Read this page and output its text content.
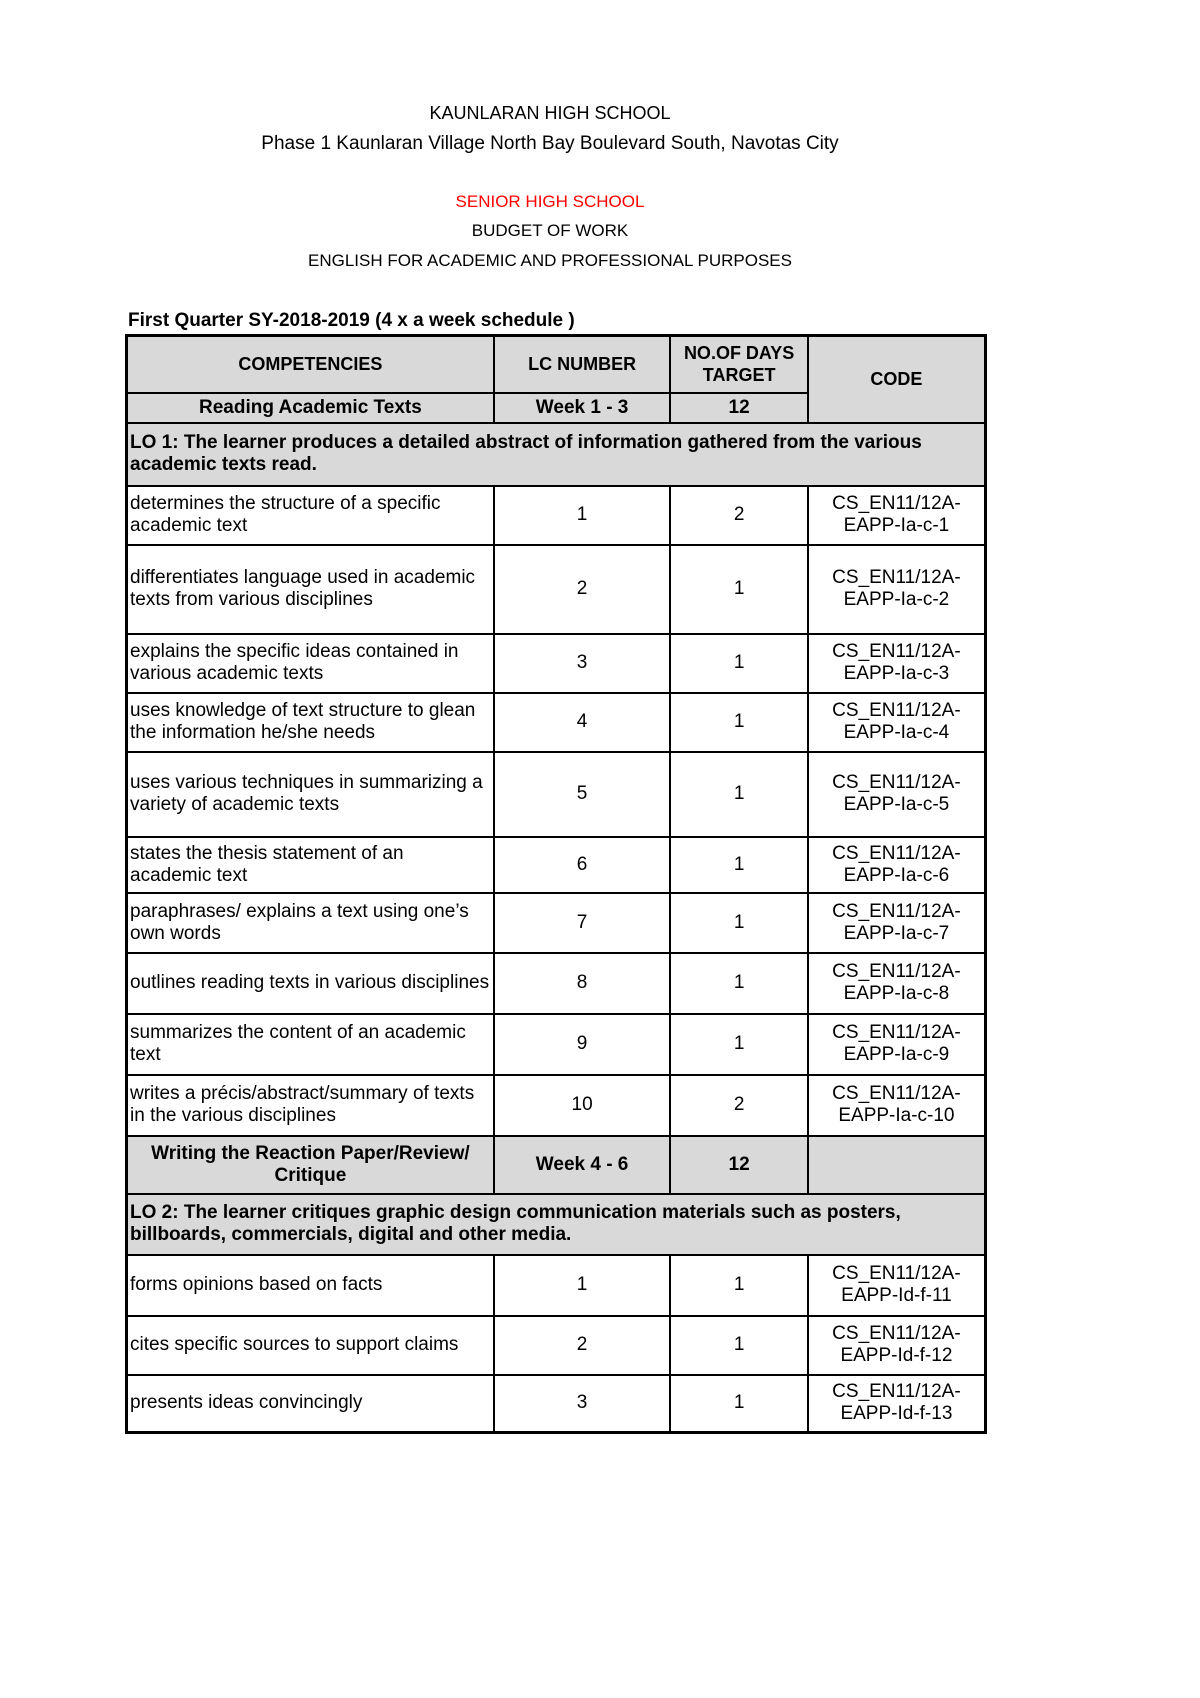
KAUNLARAN HIGH SCHOOL

Phase 1 Kaunlaran Village North Bay Boulevard South, Navotas City

SENIOR HIGH SCHOOL

BUDGET OF WORK

ENGLISH FOR ACADEMIC AND PROFESSIONAL PURPOSES

First Quarter SY-2018-2019 (4 x a week schedule )

COMPETENCIES	LC NUMBER	NO.OF DAYS TARGET	CODE
Reading Academic Texts	Week 1 - 3	12	
LO 1: The learner produces a detailed abstract of information gathered from the various academic texts read.			
determines the structure of a specific academic text	1	2	CS_EN11/12A-EAPP-Ia-c-1
differentiates language used in academic texts from various disciplines	2	1	CS_EN11/12A-EAPP-Ia-c-2
explains the specific ideas contained in various academic texts	3	1	CS_EN11/12A-EAPP-Ia-c-3
uses knowledge of text structure to glean the information he/she needs	4	1	CS_EN11/12A-EAPP-Ia-c-4
uses various techniques in summarizing a variety of academic texts	5	1	CS_EN11/12A-EAPP-Ia-c-5
states the thesis statement of an academic text	6	1	CS_EN11/12A-EAPP-Ia-c-6
paraphrases/ explains a text using one’s own words	7	1	CS_EN11/12A-EAPP-Ia-c-7
outlines reading texts in various disciplines	8	1	CS_EN11/12A-EAPP-Ia-c-8
summarizes the content of an academic text	9	1	CS_EN11/12A-EAPP-Ia-c-9
writes a précis/abstract/summary of texts in the various disciplines	10	2	CS_EN11/12A-EAPP-Ia-c-10
Writing the Reaction Paper/Review/ Critique	Week 4 - 6	12	
LO 2: The learner critiques graphic design communication materials such as posters, billboards, commercials, digital and other media.			
forms opinions based on facts	1	1	CS_EN11/12A-EAPP-Id-f-11
cites specific sources to support claims	2	1	CS_EN11/12A-EAPP-Id-f-12
presents ideas convincingly	3	1	CS_EN11/12A-EAPP-Id-f-13
